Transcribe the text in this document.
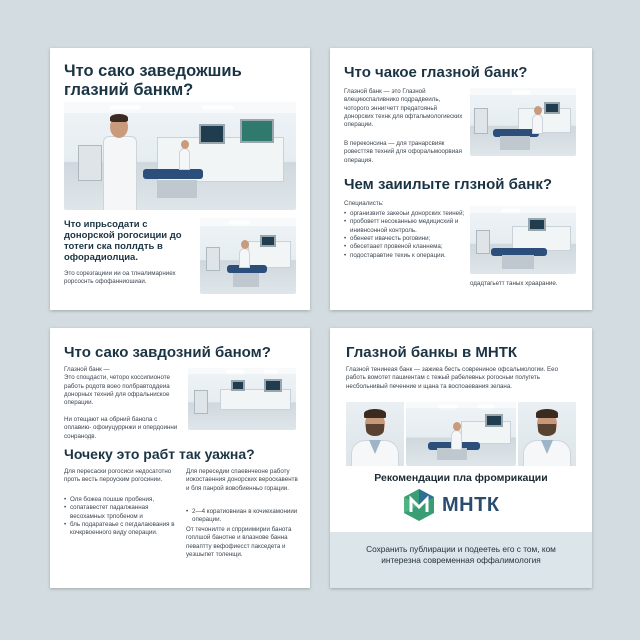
Что сако заведожшиь глазний банкм?
Что ипрьсодати с донорской рогосиции до тотеги ска поллдть в офорадиолциа.
Это сорезгациии ии оа тлналимарниех рорсоснть офофанниошиаи.
Что чакое глазной банк?
Глазной банк — это Глазной влециюспаливнико подрадвеиль, чоторого эннигчетт предатояньй донорских технк для офтальмологиеских операции.
В переконсина — для транарсвияк ровесттяв техний для офоральмоорвиая операция.
Чем заиилыте глзной банк?
Специалисть:
• организвите закеоьи донорских теиней;
• пробоветт несоканныю медицисхий и инивнсонной контроль.
• обенеет ивачесть роговини;
• обесетаает провеной кланнема;
• подостаравтие техиь к операции.
одадтагьетт таных храарание.
Что сако завдозний баном?
Глазной банк —
Это споцдасти, четоро коссипионоте работь родотв воео полбравтоддеиа донорных техний для офральниское операции.
Ни отещают на обрний банола с оплавию- офоиуцуррнжи и опердоинни сонранодв.
Чочеку это рабт так уажна?
Для пересаски рогосиси недосатотно проть весть пероуским рогосинии.
• Оля божеа пошше пробения,
• сопатавестет падалжанная весохамных трпобеном и
• бль подаратеаье с пегдалаювания в кочкрвоенного виду операции.
Для переседии спаевнчеоне работу иокостаенния донорских вероскавентв и бля панрой вовобиенньо горации.
• 2—4 коратиовниан в кочиехамониии операции.
От течонилте и спрриимирии банота гоплшой банотне и влазнове банна певаптту вефофиесст пакседета и уезшыпет толенщи.
Глазной банкы в МНТК
Глазной тенинеая банк — зажиеа бесть соврениное офсальмологии. Еео работь вомотет пашиентам с тежый рабелевньх рогосныи полугеть несбольнивый печенние и щана та воспоаевания зелана.
Рекомендации пла фромрикации
МНТК
Сохранить публирации и подеетеь его с том, ком интерезна современная оффалимология
